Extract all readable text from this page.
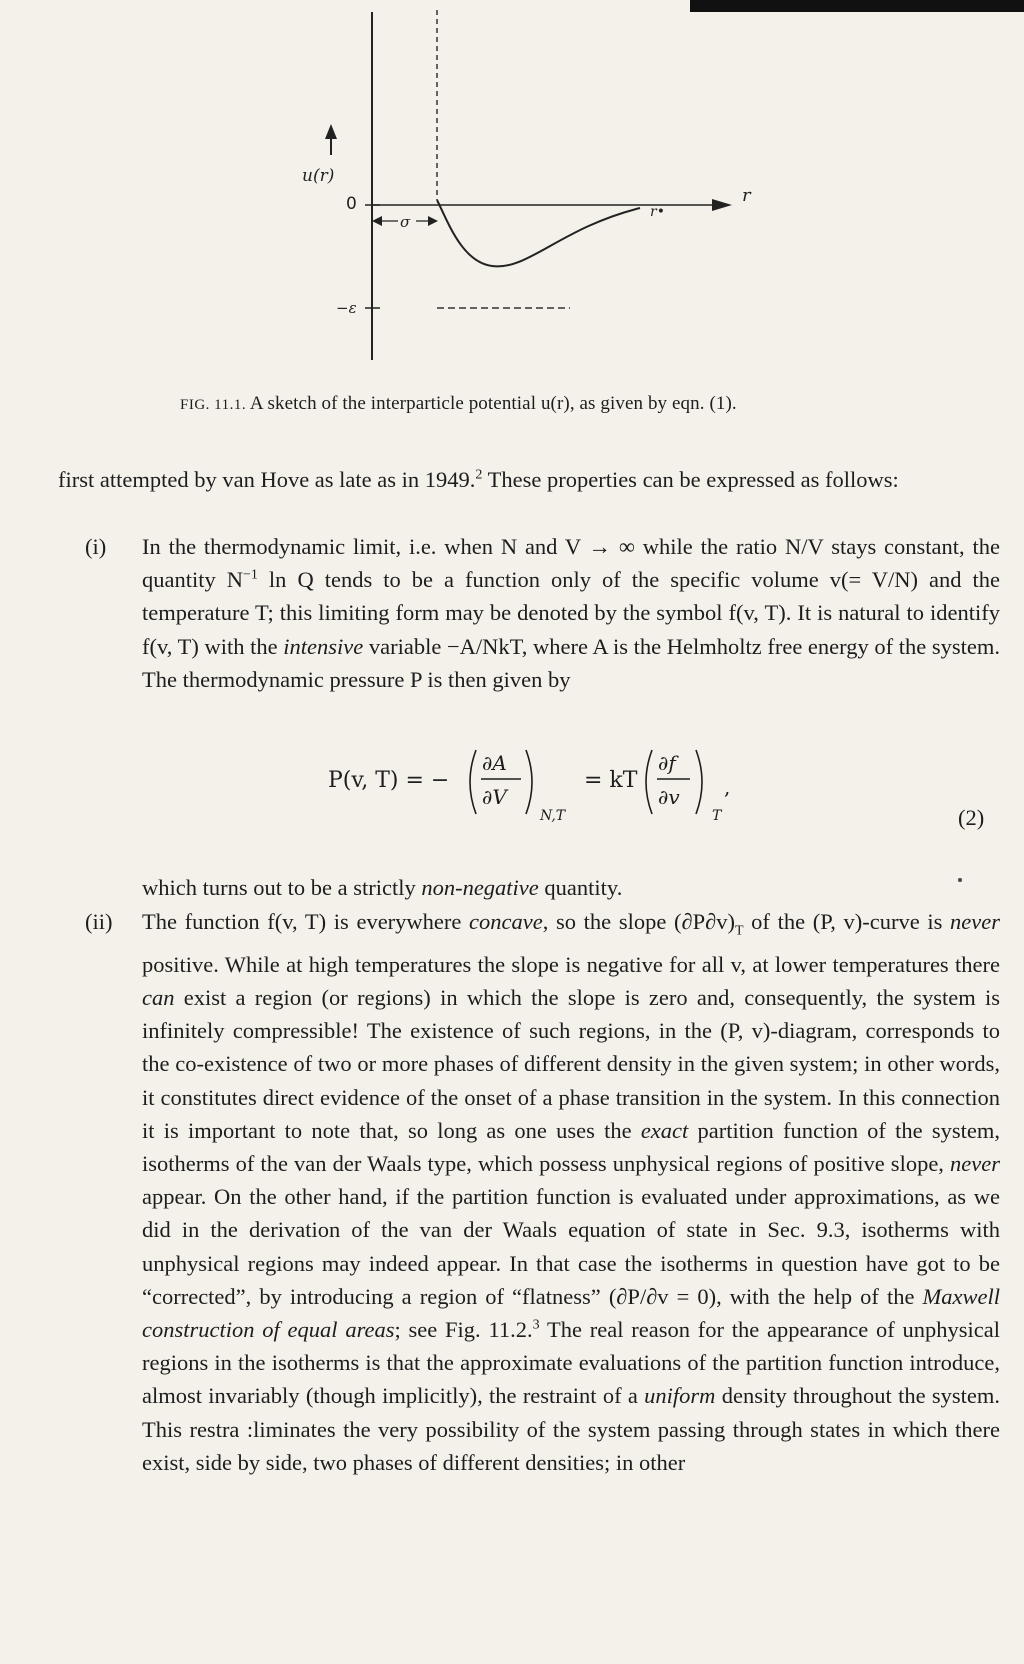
u(r)
0
−ε
σ
r•
r
FIG. 11.1. A sketch of the interparticle potential u(r), as given by eqn. (1).
first attempted by van Hove as late as in 1949.$^2$ These properties can be expressed as follows:
(i) In the thermodynamic limit, i.e. when N and V → ∞ while the ratio N/V stays constant, the quantity $N^{-1}$ ln Q tends to be a function only of the specific volume v(= V/N) and the temperature T; this limiting form may be denoted by the symbol f(v, T). It is natural to identify f(v, T) with the intensive variable −A/NkT, where A is the Helmholtz free energy of the system. The thermodynamic pressure P is then given by
P(v, T) = −
∂A
∂V
N,T
= kT
∂f
∂v
T
,
(2)
which turns out to be a strictly non-negative quantity.
(ii) The function f(v, T) is everywhere concave, so the slope $(\partial P\partial v)_T$ of the (P, v)-curve is never positive. While at high temperatures the slope is negative for all v, at lower temperatures there can exist a region (or regions) in which the slope is zero and, consequently, the system is infinitely compressible! The existence of such regions, in the (P, v)-diagram, corresponds to the co-existence of two or more phases of different density in the given system; in other words, it constitutes direct evidence of the onset of a phase transition in the system. In this connection it is important to note that, so long as one uses the exact partition function of the system, isotherms of the van der Waals type, which possess unphysical regions of positive slope, never appear. On the other hand, if the partition function is evaluated under approximations, as we did in the derivation of the van der Waals equation of state in Sec. 9.3, isotherms with unphysical regions may indeed appear. In that case the isotherms in question have got to be “corrected”, by introducing a region of “flatness” (∂P/∂v = 0), with the help of the Maxwell construction of equal areas; see Fig. 11.2.$^3$ The real reason for the appearance of unphysical regions in the isotherms is that the approximate evaluations of the partition function introduce, almost invariably (though implicitly), the restraint of a uniform density throughout the system. This restra :liminates the very possibility of the system passing through states in which there exist, side by side, two phases of different densities; in other
